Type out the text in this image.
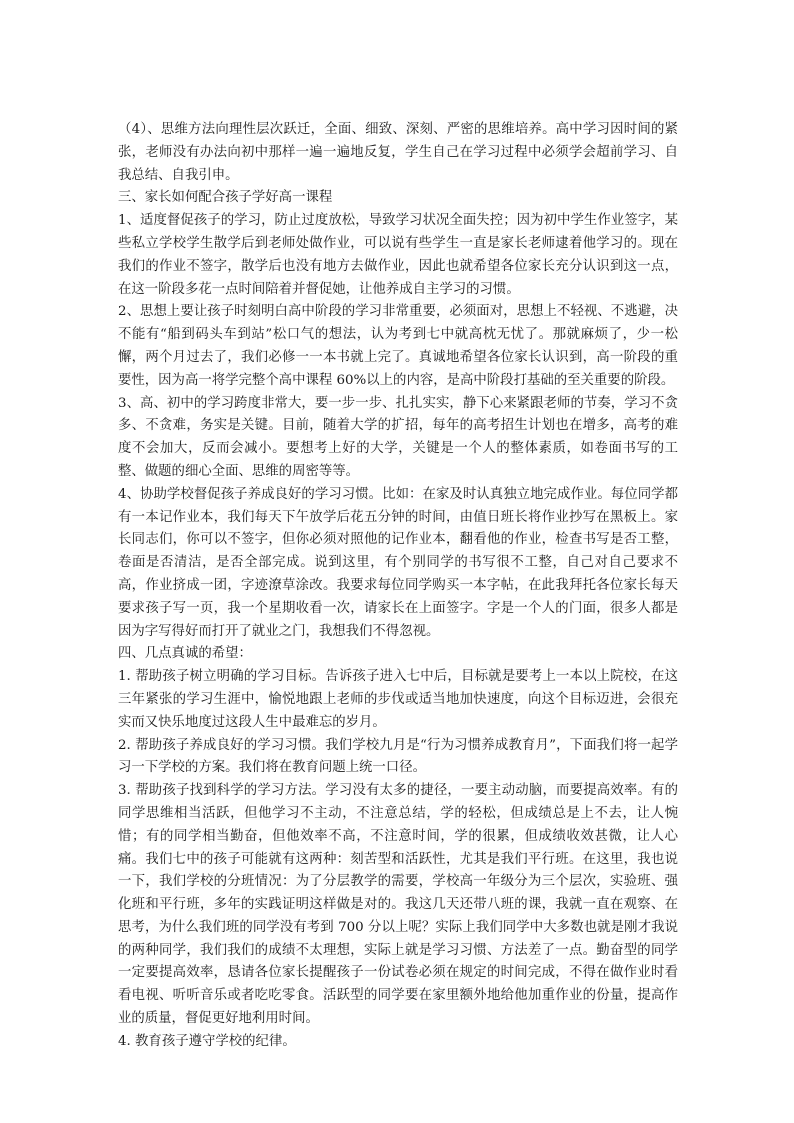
（4）、思维方法向理性层次跃迁，全面、细致、深刻、严密的思维培养。高中学习因时间的紧张，老师没有办法向初中那样一遍一遍地反复，学生自己在学习过程中必须学会超前学习、自我总结、自我引申。

三、家长如何配合孩子学好高一课程

1、适度督促孩子的学习，防止过度放松，导致学习状况全面失控；因为初中学生作业签字，某些私立学校学生散学后到老师处做作业，可以说有些学生一直是家长老师逮着他学习的。现在我们的作业不签字，散学后也没有地方去做作业，因此也就希望各位家长充分认识到这一点，在这一阶段多花一点时间陪着并督促她，让他养成自主学习的习惯。

2、思想上要让孩子时刻明白高中阶段的学习非常重要，必须面对，思想上不轻视、不逃避，决不能有“船到码头车到站”松口气的想法，认为考到七中就高枕无忧了。那就麻烦了，少一松懈，两个月过去了，我们必修一一本书就上完了。真诚地希望各位家长认识到，高一阶段的重要性，因为高一将学完整个高中课程 60%以上的内容，是高中阶段打基础的至关重要的阶段。

3、高、初中的学习跨度非常大，要一步一步、扎扎实实，静下心来紧跟老师的节奏，学习不贪多、不贪难，务实是关键。目前，随着大学的扩招，每年的高考招生计划也在增多，高考的难度不会加大，反而会减小。要想考上好的大学，关键是一个人的整体素质，如卷面书写的工整、做题的细心全面、思维的周密等等。

4、协助学校督促孩子养成良好的学习习惯。比如：在家及时认真独立地完成作业。每位同学都有一本记作业本，我们每天下午放学后花五分钟的时间，由值日班长将作业抄写在黑板上。家长同志们，你可以不签字，但你必须对照他的记作业本，翻看他的作业，检查书写是否工整，卷面是否清洁，是否全部完成。说到这里，有个别同学的书写很不工整，自己对自己要求不高，作业挤成一团，字迹潦草涂改。我要求每位同学购买一本字帖，在此我拜托各位家长每天要求孩子写一页，我一个星期收看一次，请家长在上面签字。字是一个人的门面，很多人都是因为字写得好而打开了就业之门，我想我们不得忽视。

四、几点真诚的希望：

1. 帮助孩子树立明确的学习目标。告诉孩子进入七中后，目标就是要考上一本以上院校，在这三年紧张的学习生涯中，愉悦地跟上老师的步伐或适当地加快速度，向这个目标迈进，会很充实而又快乐地度过这段人生中最难忘的岁月。

2. 帮助孩子养成良好的学习习惯。我们学校九月是“行为习惯养成教育月”，下面我们将一起学习一下学校的方案。我们将在教育问题上统一口径。

3. 帮助孩子找到科学的学习方法。学习没有太多的捷径，一要主动动脑，而要提高效率。有的同学思维相当活跃，但他学习不主动，不注意总结，学的轻松，但成绩总是上不去，让人惋惜；有的同学相当勤奋，但他效率不高，不注意时间，学的很累，但成绩收效甚微，让人心痛。我们七中的孩子可能就有这两种：刻苦型和活跃性，尤其是我们平行班。在这里，我也说一下，我们学校的分班情况：为了分层教学的需要，学校高一年级分为三个层次，实验班、强化班和平行班，多年的实践证明这样做是对的。我这几天还带八班的课，我就一直在观察、在思考，为什么我们班的同学没有考到 700 分以上呢？实际上我们同学中大多数也就是刚才我说的两种同学，我们我们的成绩不太理想，实际上就是学习习惯、方法差了一点。勤奋型的同学一定要提高效率，恳请各位家长提醒孩子一份试卷必须在规定的时间完成，不得在做作业时看看电视、听听音乐或者吃吃零食。活跃型的同学要在家里额外地给他加重作业的份量，提高作业的质量，督促更好地利用时间。

4. 教育孩子遵守学校的纪律。
